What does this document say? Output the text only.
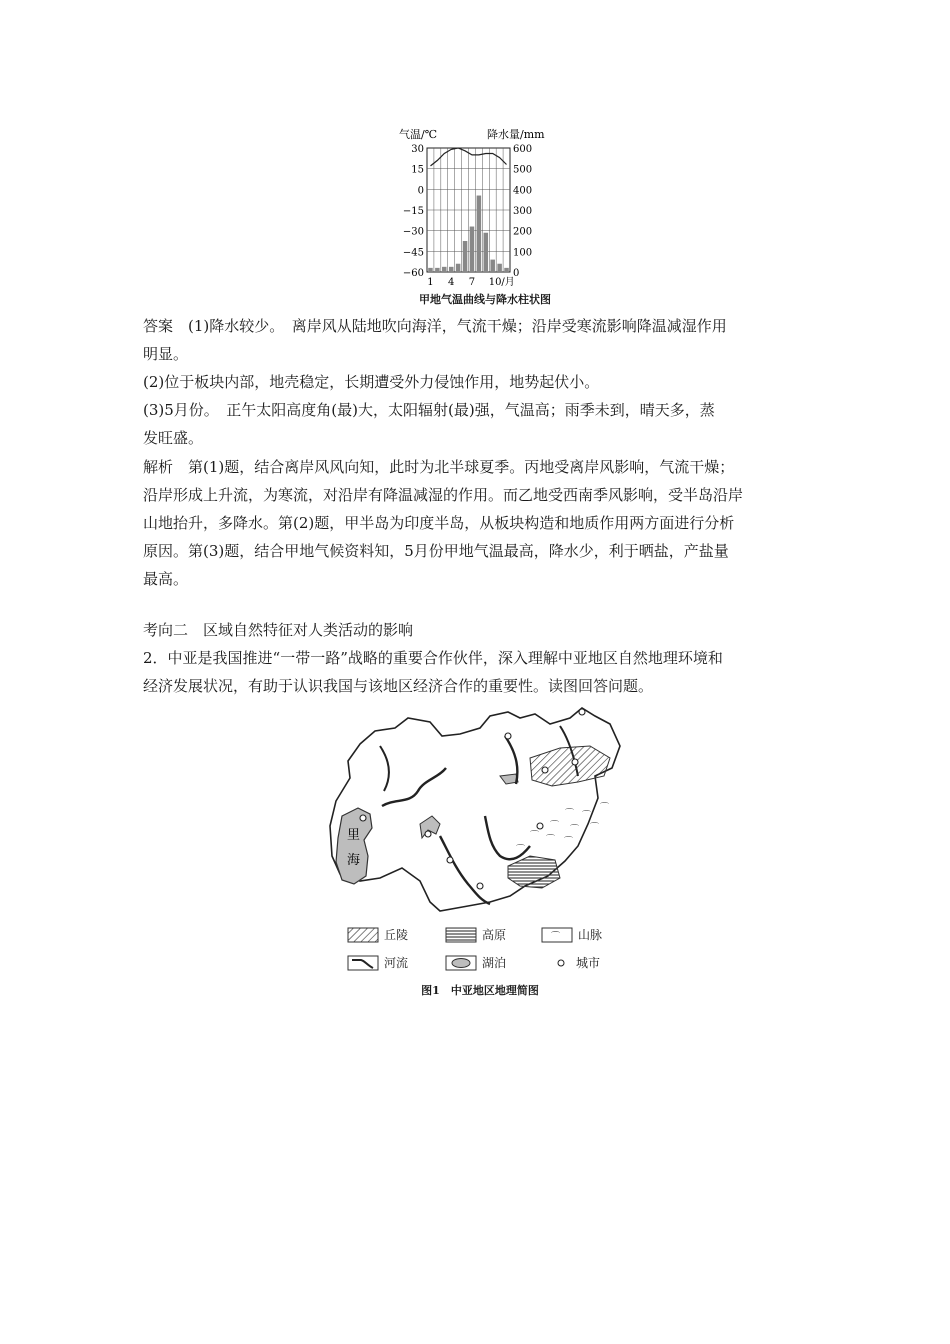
气温/℃	降水量/mm
30	600
15	500
0	400
−15	300
−30	200
−45	100
−60	0
1 4 7 10/月
甲地气温曲线与降水柱状图
答案　(1)降水较少。　离岸风从陆地吹向海洋，气流干燥；沿岸受寒流影响降温减湿作用
明显。
(2)位于板块内部，地壳稳定，长期遭受外力侵蚀作用，地势起伏小。
(3)5月份。　正午太阳高度角(最)大，太阳辐射(最)强，气温高；雨季未到，晴天多，蒸
发旺盛。
解析　第(1)题，结合离岸风风向知，此时为北半球夏季。丙地受离岸风影响，气流干燥；
沿岸形成上升流，为寒流，对沿岸有降温减湿的作用。而乙地受西南季风影响，受半岛沿岸
山地抬升，多降水。第(2)题，甲半岛为印度半岛，从板块构造和地质作用两方面进行分析
原因。第(3)题，结合甲地气候资料知，5月份甲地气温最高，降水少，利于晒盐，产盐量
最高。
考向二　区域自然特征对人类活动的影响
2．中亚是我国推进“一带一路”战略的重要合作伙伴，深入理解中亚地区自然地理环境和
经济发展状况，有助于认识我国与该地区经济合作的重要性。读图回答问题。
里
海
⌒ ⌒
⌒ ⌒ ⌒
⌒ ⌒ ⌒
⌒
⌒
丘陵	高原	⌒ 山脉
河流	湖泊	城市
图1　中亚地区地理简图
